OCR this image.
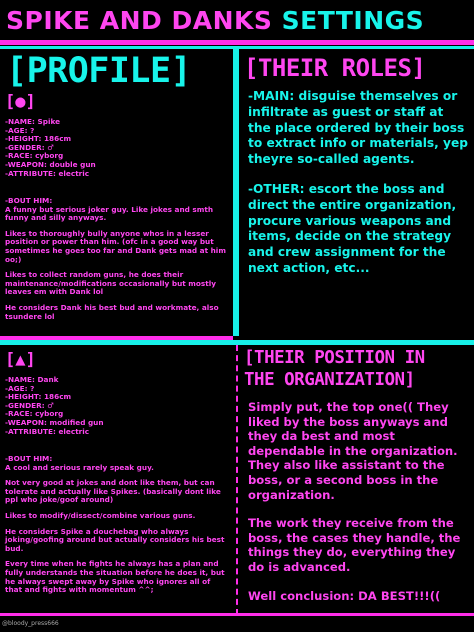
SPIKE AND DANKS SETTINGS
[PROFILE]
[●]
-NAME: Spike
-AGE: ?
-HEIGHT: 186cm
-GENDER: ♂
-RACE: cyborg
-WEAPON: double gun
-ATTRIBUTE: electric
-BOUT HIM:

A funny but serious joker guy. Like jokes and smth funny and silly anyways.

Likes to thoroughly bully anyone whos in a lesser position or power than him. (ofc in a good way but sometimes he goes too far and Dank gets mad at him oo;)

Likes to collect random guns, he does their maintenance/modifications occasionally but mostly leaves em with Dank lol

He considers Dank his best bud and workmate, also tsundere lol

[▲]
-NAME: Dank
-AGE: ?
-HEIGHT: 186cm
-GENDER: ♂
-RACE: cyborg
-WEAPON: modified gun
-ATTRIBUTE: electric
-BOUT HIM:

A cool and serious rarely speak guy.

Not very good at jokes and dont like them, but can tolerate and actually like Spikes. (basically dont like ppl who joke/goof around)

Likes to modify/dissect/combine various guns.

He considers Spike a douchebag who always joking/goofing around but actually considers his best bud.

Every time when he fights he always has a plan and fully understands the situation before he does it, but he always swept away by Spike who ignores all of that and fights with momentum ^^;

[THEIR ROLES]

-MAIN: disguise themselves or infiltrate as guest or staff at the place ordered by their boss to extract info or materials, yep theyre so-called agents.

-OTHER: escort the boss and direct the entire organization, procure various weapons and items, decide on the strategy and crew assignment for the next action, etc...

[THEIR POSITION IN
THE ORGANIZATION]

Simply put, the top one(( They liked by the boss anyways and they da best and most dependable in the organization. They also like assistant to the boss, or a second boss in the organization.

The work they receive from the boss, the cases they handle, the things they do, everything they do is advanced.

Well conclusion: DA BEST!!!((

@bloody_press666
